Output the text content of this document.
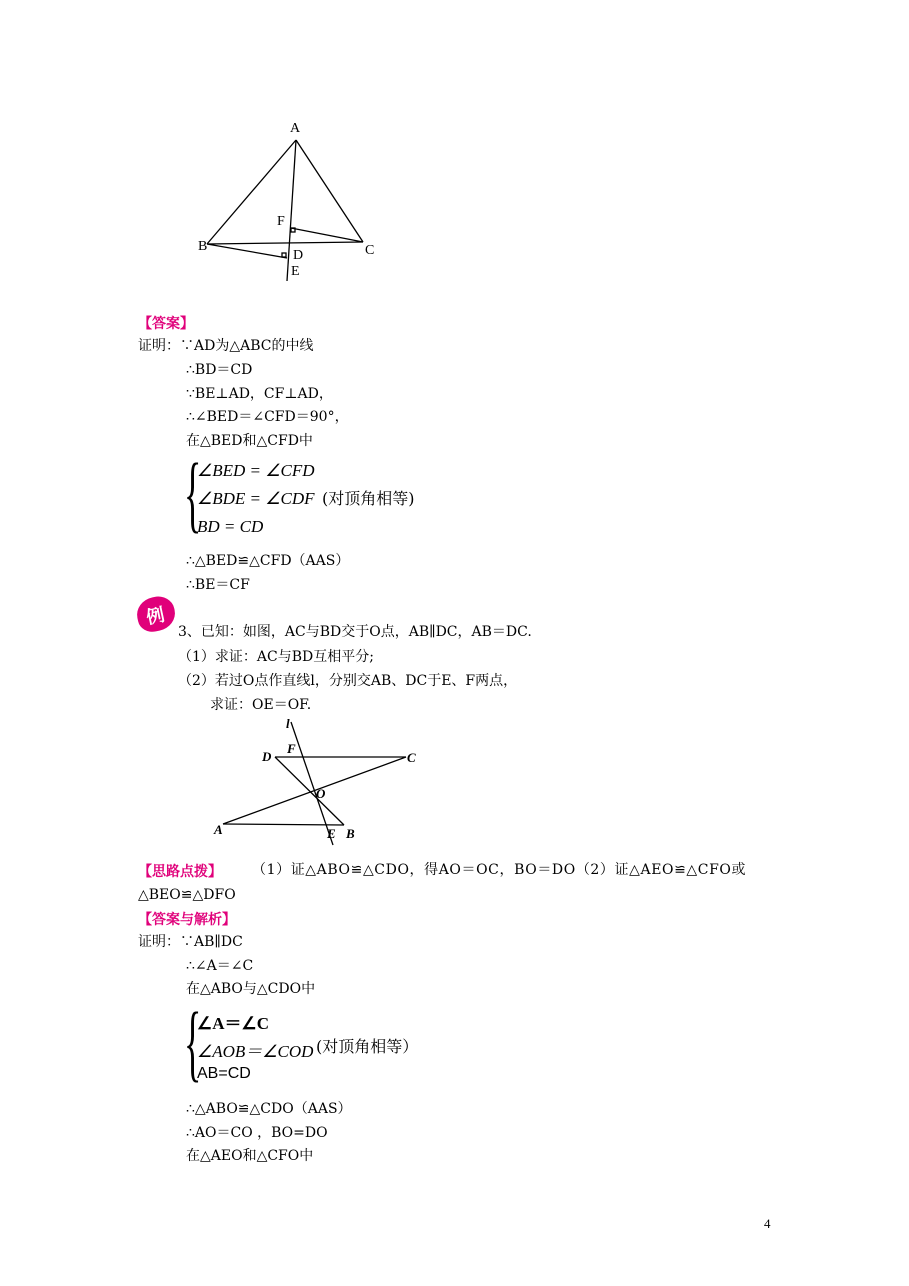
A
B	C
D
E
F
【答案】
证明：∵AD为△ABC的中线
∴BD＝CD
∵BE⊥AD，CF⊥AD，
∴∠BED＝∠CFD＝90°，
在△BED和△CFD中
{
∠BED = ∠CFD
∠BDE = ∠CDF (对顶角相等)
BD = CD
∴△BED≌△CFD（AAS）
∴BE＝CF
例
3、已知：如图，AC与BD交于O点，AB∥DC，AB＝DC.
（1）求证：AC与BD互相平分;
（2）若过O点作直线l，分别交AB、DC于E、F两点，
求证：OE＝OF.
l
D
F
C
O
A	E B
【思路点拨】 （1）证△ABO≌△CDO，得AO＝OC，BO＝DO（2）证△AEO≌△CFO或
△BEO≌△DFO
【答案与解析】
证明：∵AB∥DC
∴∠A＝∠C
在△ABO与△CDO中
{
∠A＝∠C
∠AOB＝∠COD (对顶角相等）
AB=CD
∴△ABO≌△CDO（AAS）
∴AO＝CO ，BO=DO
在△AEO和△CFO中
4
